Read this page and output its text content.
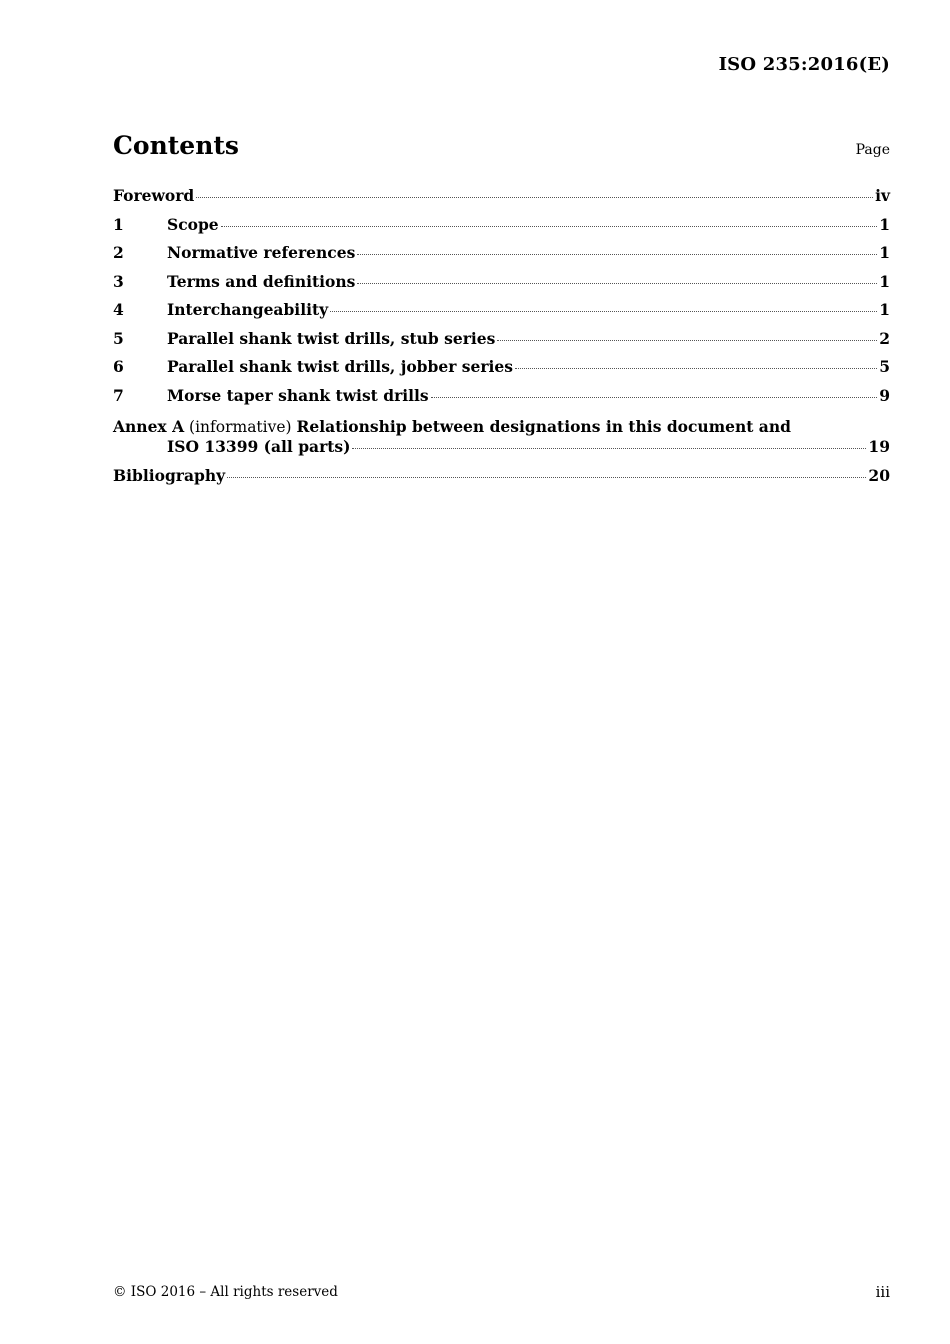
ISO 235:2016(E)
Contents	Page
Foreword	iv
1	Scope	1
2	Normative references	1
3	Terms and definitions	1
4	Interchangeability	1
5	Parallel shank twist drills, stub series	2
6	Parallel shank twist drills, jobber series	5
7	Morse taper shank twist drills	9
Annex A (informative) Relationship between designations in this document and
ISO 13399 (all parts)	19
Bibliography	20
© ISO 2016 – All rights reserved	iii
